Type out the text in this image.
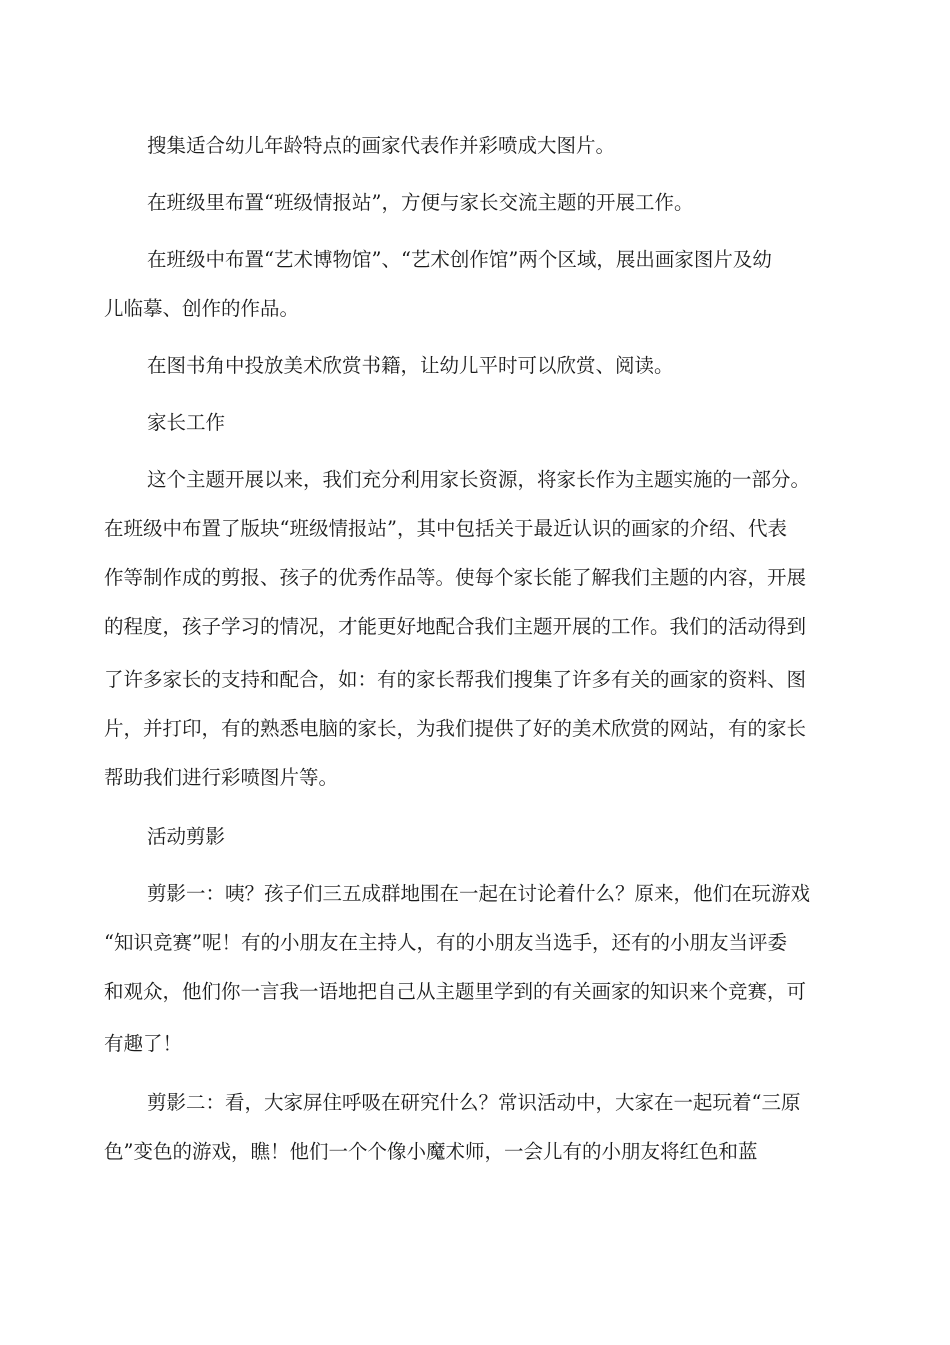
搜集适合幼儿年龄特点的画家代表作并彩喷成大图片。

在班级里布置“班级情报站”，方便与家长交流主题的开展工作。

在班级中布置“艺术博物馆”、“艺术创作馆”两个区域，展出画家图片及幼

儿临摹、创作的作品。

在图书角中投放美术欣赏书籍，让幼儿平时可以欣赏、阅读。

家长工作

这个主题开展以来，我们充分利用家长资源，将家长作为主题实施的一部分。

在班级中布置了版块“班级情报站”，其中包括关于最近认识的画家的介绍、代表

作等制作成的剪报、孩子的优秀作品等。使每个家长能了解我们主题的内容，开展

的程度，孩子学习的情况，才能更好地配合我们主题开展的工作。我们的活动得到

了许多家长的支持和配合，如：有的家长帮我们搜集了许多有关的画家的资料、图

片，并打印，有的熟悉电脑的家长，为我们提供了好的美术欣赏的网站，有的家长

帮助我们进行彩喷图片等。

活动剪影

剪影一：咦？孩子们三五成群地围在一起在讨论着什么？原来，他们在玩游戏

“知识竞赛”呢！有的小朋友在主持人，有的小朋友当选手，还有的小朋友当评委

和观众，他们你一言我一语地把自己从主题里学到的有关画家的知识来个竞赛，可

有趣了！

剪影二：看，大家屏住呼吸在研究什么？常识活动中，大家在一起玩着“三原

色”变色的游戏，瞧！他们一个个像小魔术师，一会儿有的小朋友将红色和蓝
